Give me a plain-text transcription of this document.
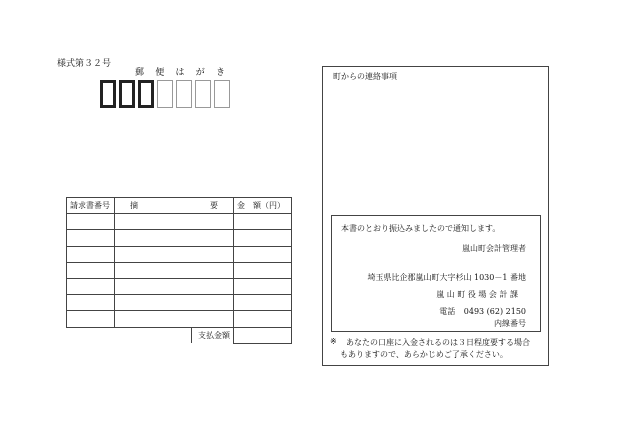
様式第３２号
郵 便 は が き
請求書番号	摘 要	金　額（円）

	支払金額	
町からの連絡事項
本書のとおり振込みましたので通知します。
嵐山町会計管理者
埼玉県比企郡嵐山町大字杉山 1030－1 番地
嵐 山 町 役 場 会 計 課
電話 0493 (62) 2150
内線番号
※ あなたの口座に入金されるのは３日程度要する場合
もありますので、あらかじめご了承ください。
